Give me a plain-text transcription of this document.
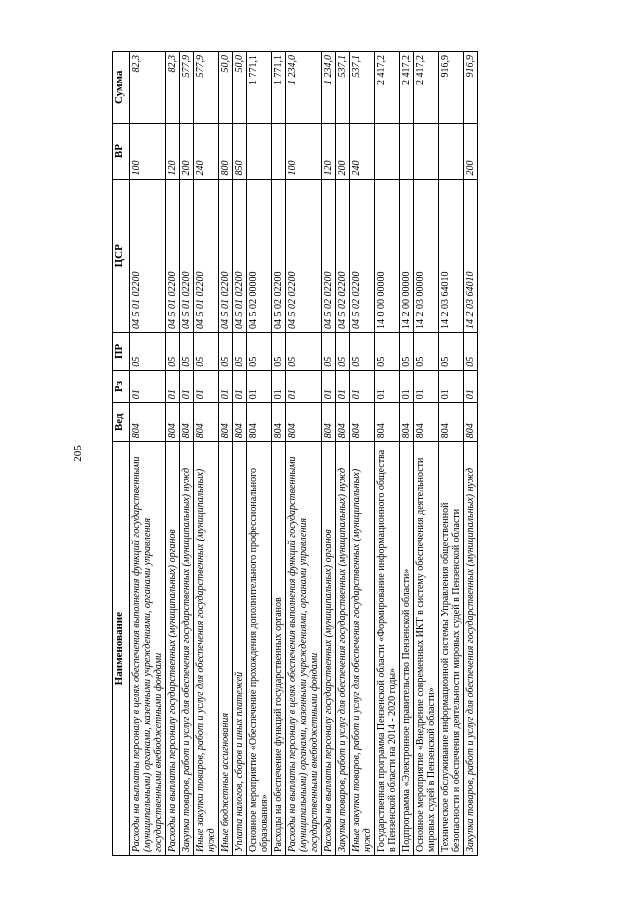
205
Наименование	Вед	Рз	ПР	ЦСР	ВР	Сумма
Расходы на выплаты персоналу в целях обеспечения выполнения функций государственными (муниципальными) органами, казенными учреждениями, органами управления государственными внебюджетными фондами	804	01	05	04 5 01 02200	100	82,3
Расходы на выплаты персоналу государственных (муниципальных) органов	804	01	05	04 5 01 02200	120	82,3
Закупка товаров, работ и услуг для обеспечения государственных (муниципальных) нужд	804	01	05	04 5 01 02200	200	577,9
Иные закупки товаров, работ и услуг для обеспечения государственных (муниципальных) нужд	804	01	05	04 5 01 02200	240	577,9
Иные бюджетные ассигнования	804	01	05	04 5 01 02200	800	50,0
Уплата налогов, сборов и иных платежей	804	01	05	04 5 01 02200	850	50,0
Основное мероприятие «Обеспечение прохождения дополнительного профессионального образования»	804	01	05	04 5 02 00000		1 771,1
Расходы на обеспечение функций государственных органов	804	01	05	04 5 02 02200		1 771,1
Расходы на выплаты персоналу в целях обеспечения выполнения функций государственными (муниципальными) органами, казенными учреждениями, органами управления государственными внебюджетными фондами	804	01	05	04 5 02 02200	100	1 234,0
Расходы на выплаты персоналу государственных (муниципальных) органов	804	01	05	04 5 02 02200	120	1 234,0
Закупка товаров, работ и услуг для обеспечения государственных (муниципальных) нужд	804	01	05	04 5 02 02200	200	537,1
Иные закупки товаров, работ и услуг для обеспечения государственных (муниципальных) нужд	804	01	05	04 5 02 02200	240	537,1
Государственная программа Пензенской области «Формирование информационного общества в Пензенской области на 2014 - 2020 годы»	804	01	05	14 0 00 00000		2 417,2
Подпрограмма «Электронное правительство Пензенской области»	804	01	05	14 2 00 00000		2 417,2
Основное мероприятие «Внедрение современных ИКТ в систему обеспечения деятельности мировых судей в Пензенской области»	804	01	05	14 2 03 00000		2 417,2
Техническое обслуживание информационной системы Управления общественной безопасности и обеспечения деятельности мировых судей в Пензенской области	804	01	05	14 2 03 64010		916,9
Закупка товаров, работ и услуг для обеспечения государственных (муниципальных) нужд	804	01	05	14 2 03 64010	200	916,9
